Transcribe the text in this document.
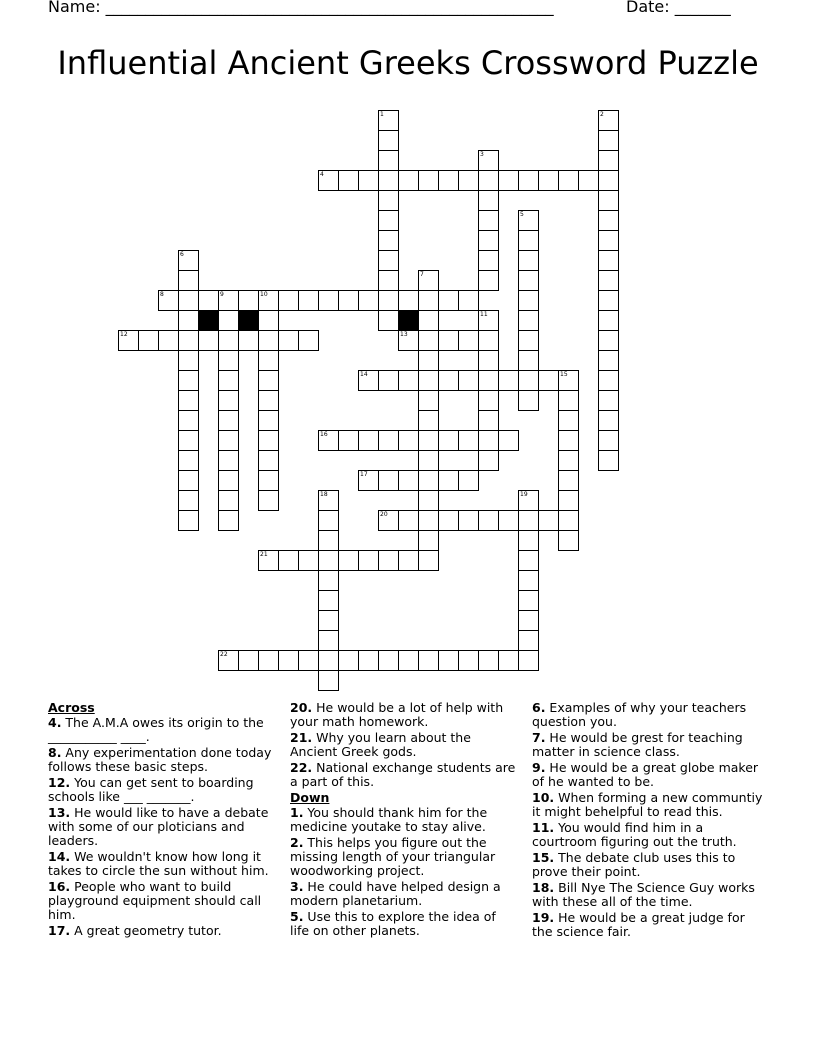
Name: ________________________________________________________	Date: _______
Influential Ancient Greeks Crossword Puzzle
1	2
3
4
5
6
7
8	9	10
11
12	13
14	15
16
17
18	19
20
21
22
Across
4. The A.M.A owes its origin to the ___________ ____.
8. Any experimentation done today follows these basic steps.
12. You can get sent to boarding schools like ___ _______.
13. He would like to have a debate with some of our ploticians and leaders.
14. We wouldn't know how long it takes to circle the sun without him.
16. People who want to build playground equipment should call him.
17. A great geometry tutor.
20. He would be a lot of help with your math homework.
21. Why you learn about the Ancient Greek gods.
22. National exchange students are a part of this.
Down
1. You should thank him for the medicine youtake to stay alive.
2. This helps you figure out the missing length of your triangular woodworking project.
3. He could have helped design a modern planetarium.
5. Use this to explore the idea of life on other planets.
6. Examples of why your teachers question you.
7. He would be grest for teaching matter in science class.
9. He would be a great globe maker of he wanted to be.
10. When forming a new communtiy it might behelpful to read this.
11. You would find him in a courtroom figuring out the truth.
15. The debate club uses this to prove their point.
18. Bill Nye The Science Guy works with these all of the time.
19. He would be a great judge for the science fair.
